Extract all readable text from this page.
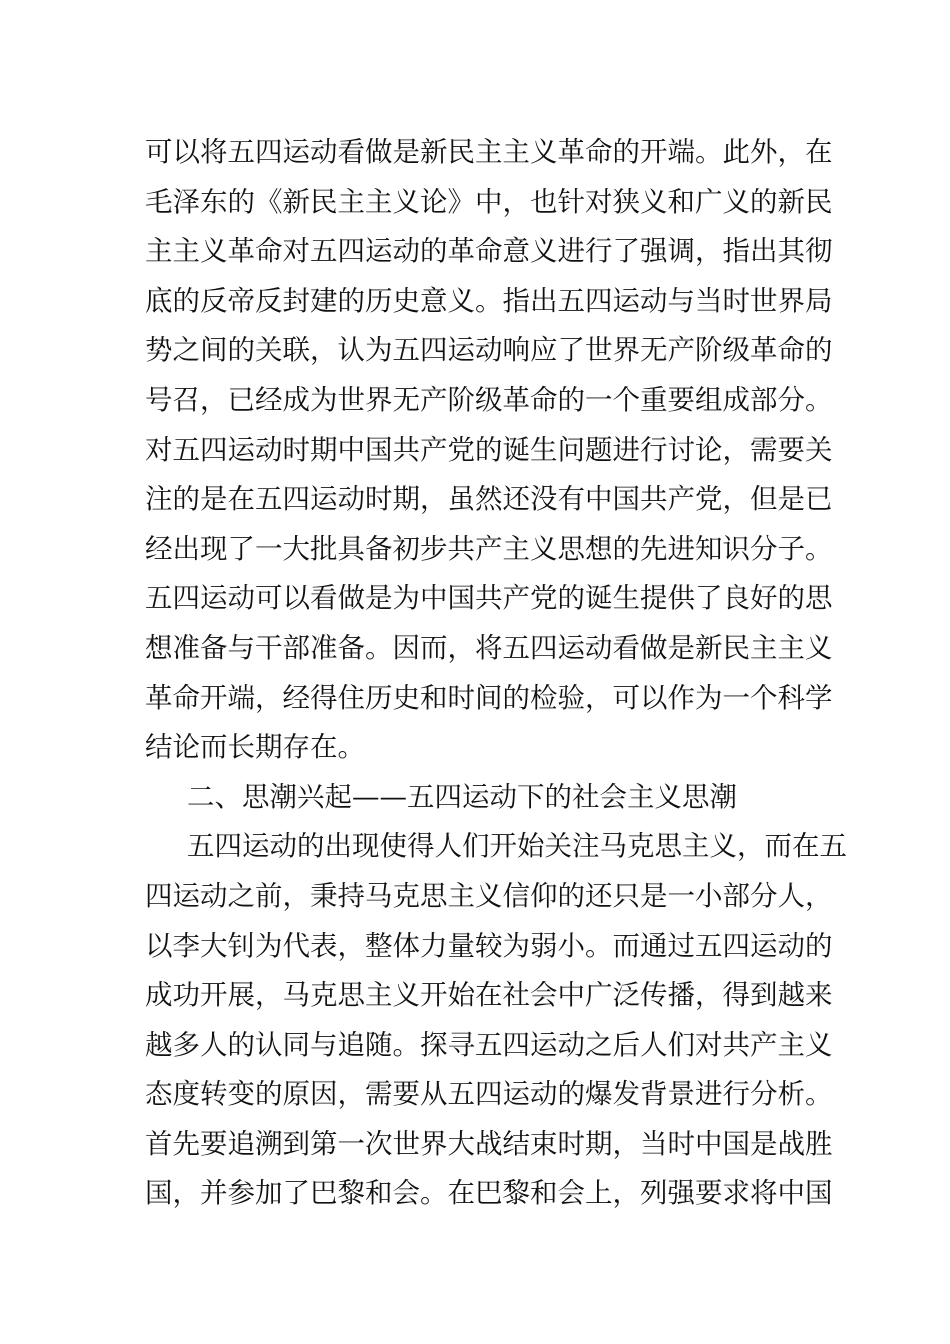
可以将五四运动看做是新民主主义革命的开端。此外，在
毛泽东的《新民主主义论》中，也针对狭义和广义的新民
主主义革命对五四运动的革命意义进行了强调，指出其彻
底的反帝反封建的历史意义。指出五四运动与当时世界局
势之间的关联，认为五四运动响应了世界无产阶级革命的
号召，已经成为世界无产阶级革命的一个重要组成部分。
对五四运动时期中国共产党的诞生问题进行讨论，需要关
注的是在五四运动时期，虽然还没有中国共产党，但是已
经出现了一大批具备初步共产主义思想的先进知识分子。
五四运动可以看做是为中国共产党的诞生提供了良好的思
想准备与干部准备。因而，将五四运动看做是新民主主义
革命开端，经得住历史和时间的检验，可以作为一个科学
结论而长期存在。
二、思潮兴起——五四运动下的社会主义思潮
五四运动的出现使得人们开始关注马克思主义，而在五
四运动之前，秉持马克思主义信仰的还只是一小部分人，
以李大钊为代表，整体力量较为弱小。而通过五四运动的
成功开展，马克思主义开始在社会中广泛传播，得到越来
越多人的认同与追随。探寻五四运动之后人们对共产主义
态度转变的原因，需要从五四运动的爆发背景进行分析。
首先要追溯到第一次世界大战结束时期，当时中国是战胜
国，并参加了巴黎和会。在巴黎和会上，列强要求将中国
